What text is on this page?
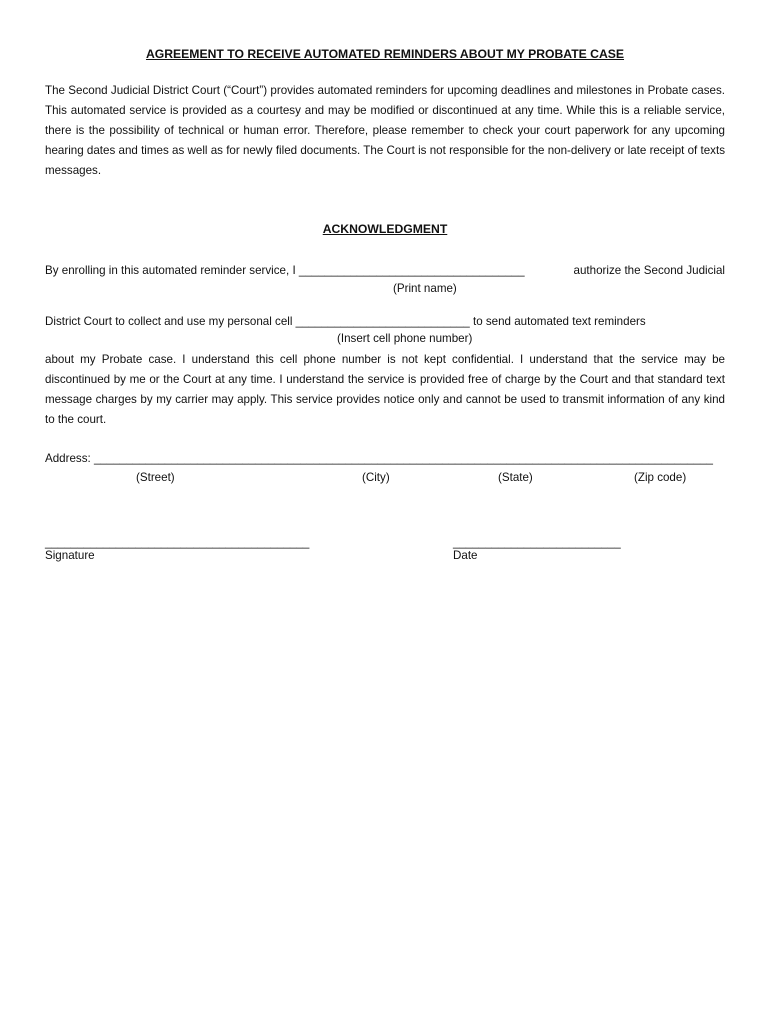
AGREEMENT TO RECEIVE AUTOMATED REMINDERS ABOUT MY PROBATE CASE

The Second Judicial District Court (“Court”) provides automated reminders for upcoming deadlines and milestones in Probate cases. This automated service is provided as a courtesy and may be modified or discontinued at any time. While this is a reliable service, there is the possibility of technical or human error. Therefore, please remember to check your court paperwork for any upcoming hearing dates and times as well as for newly filed documents. The Court is not responsible for the non-delivery or late receipt of texts messages.

ACKNOWLEDGMENT
By enrolling in this automated reminder service, I ___________________________________	authorize the Second Judicial
(Print name)
District Court to collect and use my personal cell ___________________________ to send automated text reminders
(Insert cell phone number)

about my Probate case. I understand this cell phone number is not kept confidential. I understand that the service may be discontinued by me or the Court at any time. I understand the service is provided free of charge by the Court and that standard text message charges by my carrier may apply. This service provides notice only and cannot be used to transmit information of any kind to the court.

Address: ________________________________________________________________________________________________
(Street)	(City)	(State)	(Zip code)
_________________________________________	__________________________
Signature	Date
